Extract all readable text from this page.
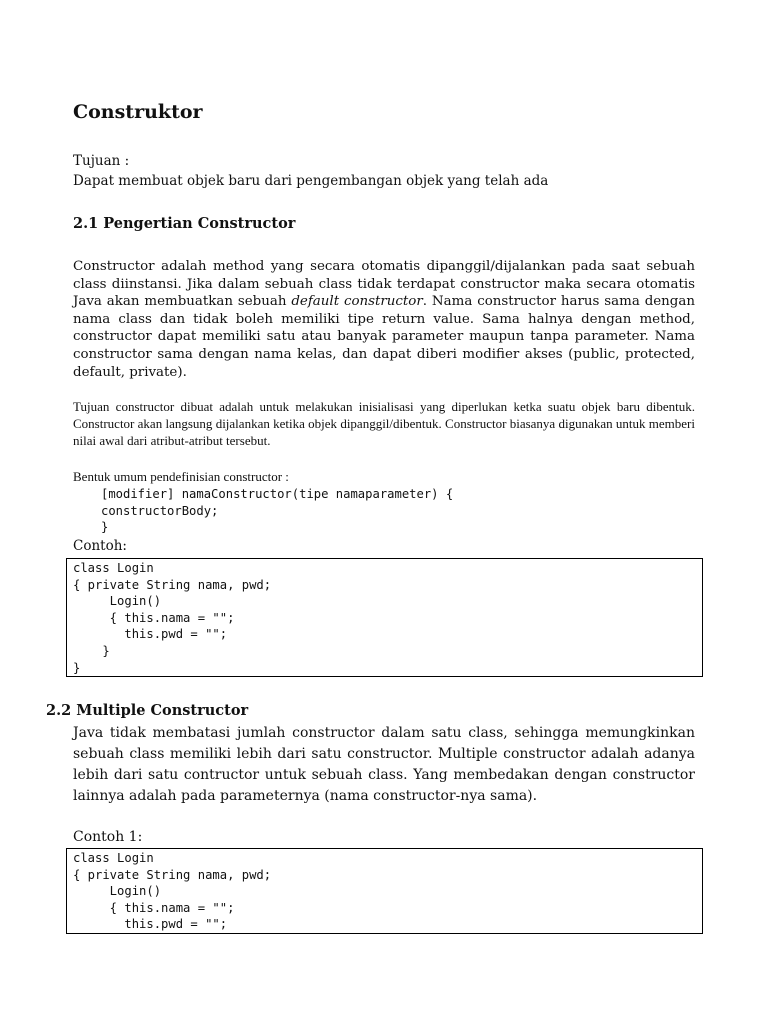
Construktor

Tujuan :

Dapat membuat objek baru dari pengembangan objek yang telah ada

2.1 Pengertian Constructor

Constructor adalah method yang secara otomatis dipanggil/dijalankan pada saat sebuah class diinstansi. Jika dalam sebuah class tidak terdapat constructor maka secara otomatis Java akan membuatkan sebuah default constructor. Nama constructor harus sama dengan nama class dan tidak boleh memiliki tipe return value. Sama halnya dengan method, constructor dapat memiliki satu atau banyak parameter maupun tanpa parameter. Nama constructor sama dengan nama kelas, dan dapat diberi modifier akses (public, protected, default, private).

Tujuan constructor dibuat adalah untuk melakukan inisialisasi yang diperlukan ketka suatu objek baru dibentuk. Constructor akan langsung dijalankan ketika objek dipanggil/dibentuk. Constructor biasanya digunakan untuk memberi nilai awal dari atribut-atribut tersebut.

Bentuk umum pendefinisian constructor :

[modifier] namaConstructor(tipe namaparameter) {
constructorBody;
}

Contoh:

class Login
{ private String nama, pwd;
Login()
{ this.nama = "";
this.pwd = "";
}
}
2.2 Multiple Constructor

Java tidak membatasi jumlah constructor dalam satu class, sehingga memungkinkan sebuah class memiliki lebih dari satu constructor. Multiple constructor adalah adanya lebih dari satu contructor untuk sebuah class. Yang membedakan dengan constructor lainnya adalah pada parameternya (nama constructor-nya sama).

Contoh 1:

class Login
{ private String nama, pwd;
Login()
{ this.nama = "";
this.pwd = "";
